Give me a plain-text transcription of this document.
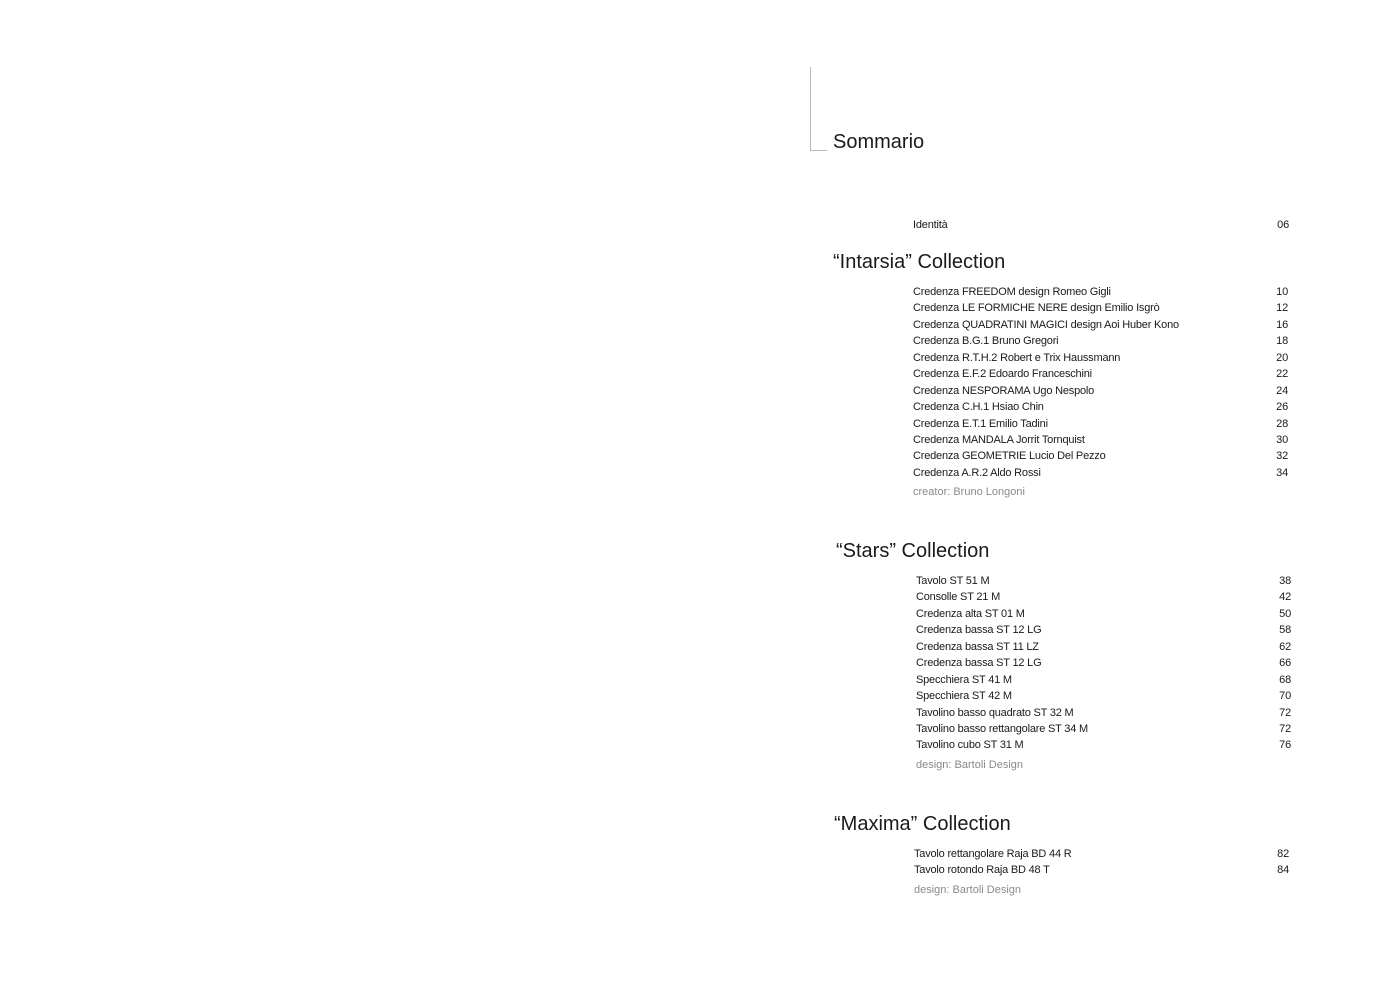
Sommario
Identità	06
“Intarsia” Collection
Credenza FREEDOM design Romeo Gigli	10
Credenza LE FORMICHE NERE design Emilio Isgrò	12
Credenza QUADRATINI MAGICI design Aoi Huber Kono	16
Credenza B.G.1 Bruno Gregori	18
Credenza R.T.H.2 Robert e Trix Haussmann	20
Credenza E.F.2 Edoardo Franceschini	22
Credenza NESPORAMA Ugo Nespolo	24
Credenza C.H.1 Hsiao Chin	26
Credenza E.T.1 Emilio Tadini	28
Credenza MANDALA Jorrit Tornquist	30
Credenza GEOMETRIE Lucio Del Pezzo	32
Credenza A.R.2 Aldo Rossi	34
creator: Bruno Longoni
“Stars” Collection
Tavolo ST 51 M	38
Consolle ST 21 M	42
Credenza alta ST 01 M	50
Credenza bassa ST 12 LG	58
Credenza bassa ST 11 LZ	62
Credenza bassa ST 12 LG	66
Specchiera ST 41 M	68
Specchiera ST 42 M	70
Tavolino basso quadrato ST 32 M	72
Tavolino basso rettangolare ST 34 M	72
Tavolino cubo ST 31 M	76
design: Bartoli Design
“Maxima” Collection
Tavolo rettangolare Raja BD 44 R	82
Tavolo rotondo Raja BD 48 T	84
design: Bartoli Design
